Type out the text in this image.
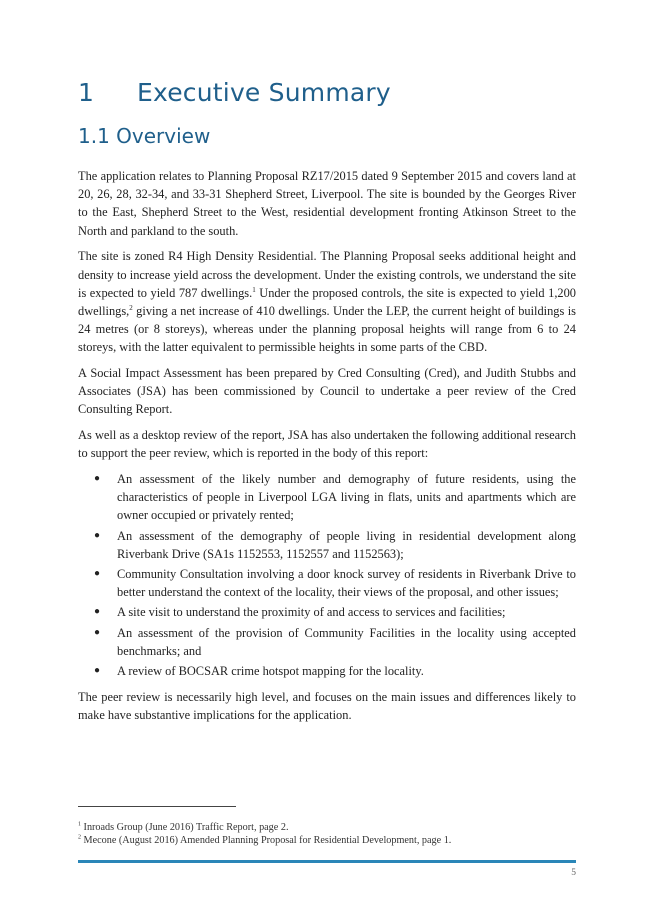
1 Executive Summary
1.1 Overview

The application relates to Planning Proposal RZ17/2015 dated 9 September 2015 and covers land at 20, 26, 28, 32-34, and 33-31 Shepherd Street, Liverpool. The site is bounded by the Georges River to the East, Shepherd Street to the West, residential development fronting Atkinson Street to the North and parkland to the south.

The site is zoned R4 High Density Residential. The Planning Proposal seeks additional height and density to increase yield across the development. Under the existing controls, we understand the site is expected to yield 787 dwellings.$^1$ Under the proposed controls, the site is expected to yield 1,200 dwellings,$^2$ giving a net increase of 410 dwellings. Under the LEP, the current height of buildings is 24 metres (or 8 storeys), whereas under the planning proposal heights will range from 6 to 24 storeys, with the latter equivalent to permissible heights in some parts of the CBD.

A Social Impact Assessment has been prepared by Cred Consulting (Cred), and Judith Stubbs and Associates (JSA) has been commissioned by Council to undertake a peer review of the Cred Consulting Report.

As well as a desktop review of the report, JSA has also undertaken the following additional research to support the peer review, which is reported in the body of this report:

● An assessment of the likely number and demography of future residents, using the characteristics of people in Liverpool LGA living in flats, units and apartments which are owner occupied or privately rented;
● An assessment of the demography of people living in residential development along Riverbank Drive (SA1s 1152553, 1152557 and 1152563);
● Community Consultation involving a door knock survey of residents in Riverbank Drive to better understand the context of the locality, their views of the proposal, and other issues;
● A site visit to understand the proximity of and access to services and facilities;
● An assessment of the provision of Community Facilities in the locality using accepted benchmarks; and
● A review of BOCSAR crime hotspot mapping for the locality.

The peer review is necessarily high level, and focuses on the main issues and differences likely to make have substantive implications for the application.

$^1$ Inroads Group (June 2016) Traffic Report, page 2.
$^2$ Mecone (August 2016) Amended Planning Proposal for Residential Development, page 1.
5
